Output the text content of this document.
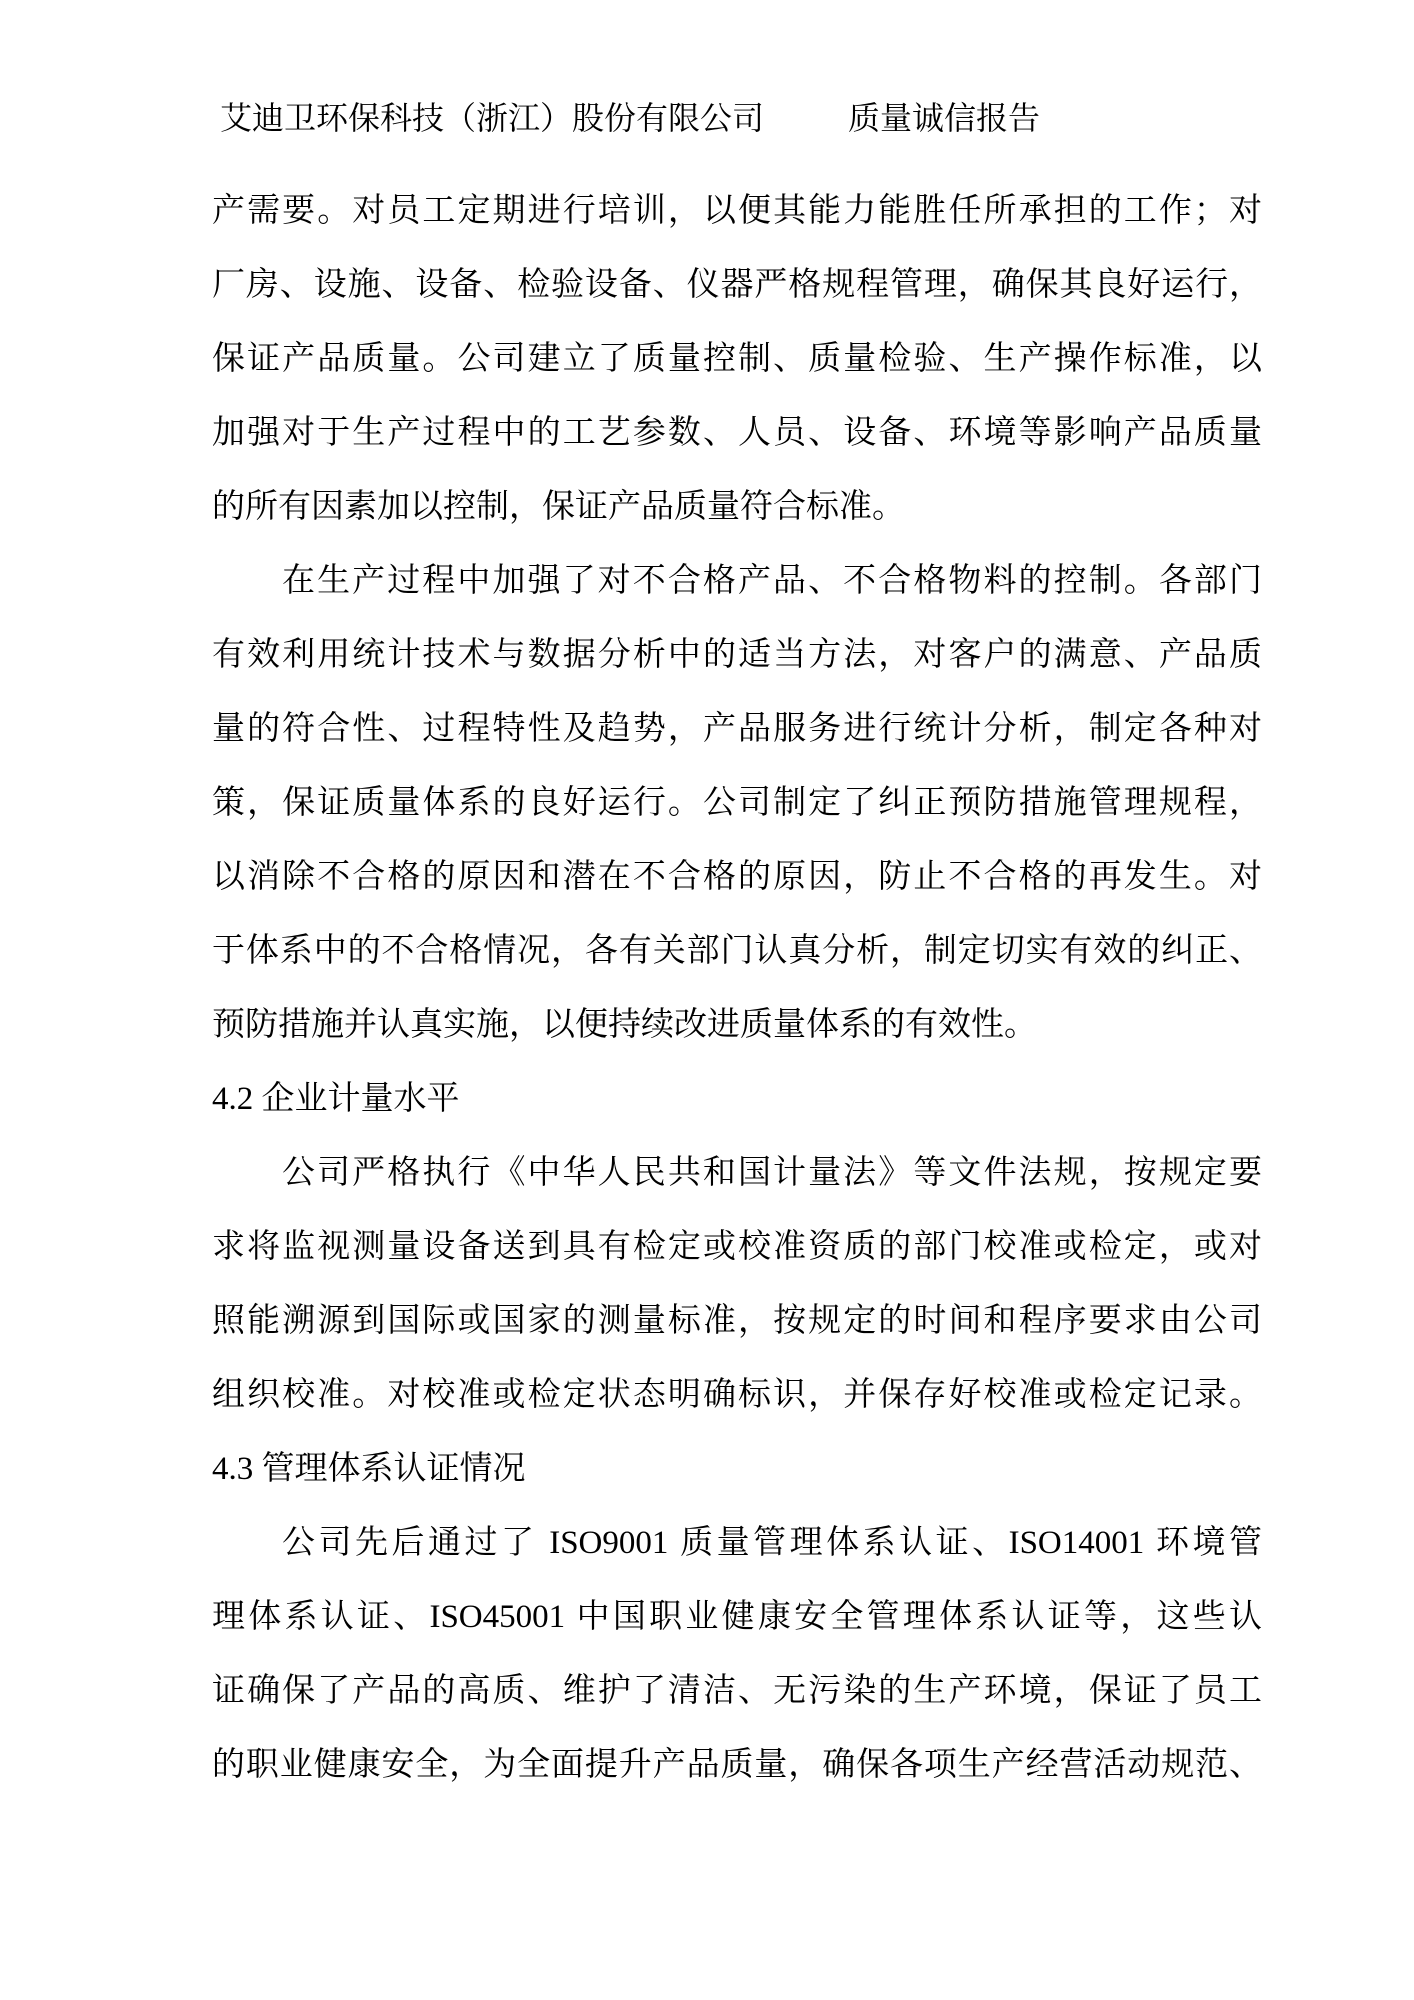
艾迪卫环保科技（浙江）股份有限公司	质量诚信报告
产需要。对员工定期进行培训，以便其能力能胜任所承担的工作；对
厂房、设施、设备、检验设备、仪器严格规程管理，确保其良好运行，
保证产品质量。公司建立了质量控制、质量检验、生产操作标准，以
加强对于生产过程中的工艺参数、人员、设备、环境等影响产品质量
的所有因素加以控制，保证产品质量符合标准。
在生产过程中加强了对不合格产品、不合格物料的控制。各部门
有效利用统计技术与数据分析中的适当方法，对客户的满意、产品质
量的符合性、过程特性及趋势，产品服务进行统计分析，制定各种对
策，保证质量体系的良好运行。公司制定了纠正预防措施管理规程，
以消除不合格的原因和潜在不合格的原因，防止不合格的再发生。对
于体系中的不合格情况，各有关部门认真分析，制定切实有效的纠正、
预防措施并认真实施，以便持续改进质量体系的有效性。
4.2 企业计量水平
公司严格执行《中华人民共和国计量法》等文件法规，按规定要
求将监视测量设备送到具有检定或校准资质的部门校准或检定，或对
照能溯源到国际或国家的测量标准，按规定的时间和程序要求由公司
组织校准。对校准或检定状态明确标识，并保存好校准或检定记录。
4.3 管理体系认证情况
公司先后通过了 ISO9001 质量管理体系认证、ISO14001 环境管
理体系认证、ISO45001 中国职业健康安全管理体系认证等，这些认
证确保了产品的高质、维护了清洁、无污染的生产环境，保证了员工
的职业健康安全，为全面提升产品质量，确保各项生产经营活动规范、
